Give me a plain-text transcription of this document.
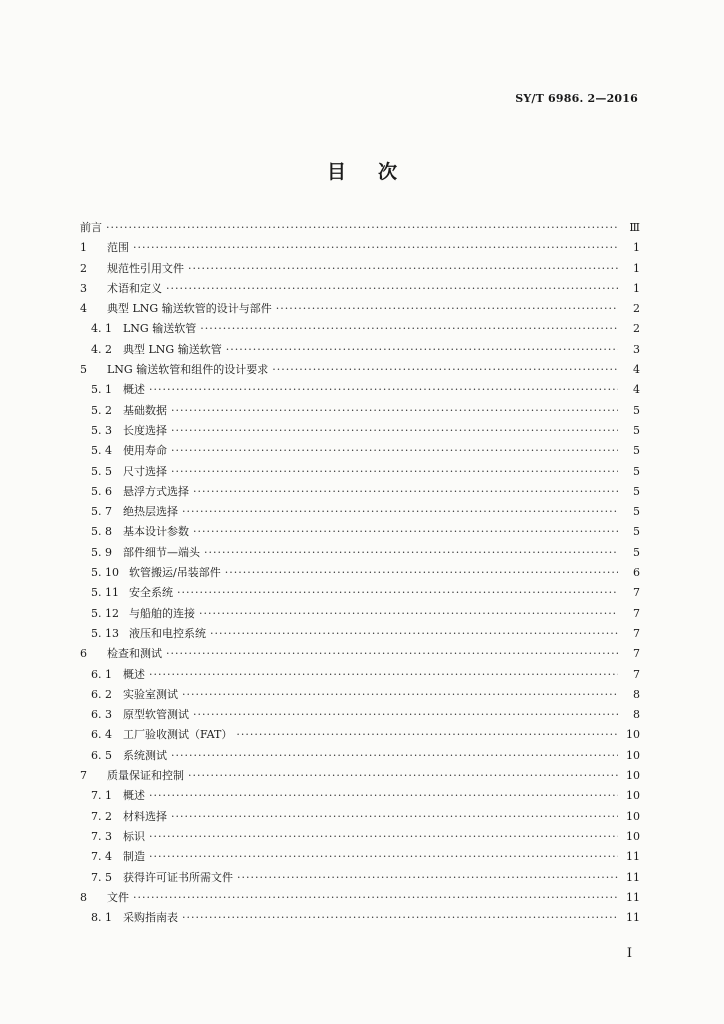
SY/T 6986. 2—2016
目 次
前言 ·····	Ⅲ
1	范围 ·····	1
2	规范性引用文件 ·····	1
3	术语和定义 ·····	1
4	典型 LNG 输送软管的设计与部件 ·····	2
4. 1	LNG 输送软管 ·····	2
4. 2	典型 LNG 输送软管 ·····	3
5	LNG 输送软管和组件的设计要求 ·····	4
5. 1	概述 ·····	4
5. 2	基础数据 ·····	5
5. 3	长度选择 ·····	5
5. 4	使用寿命 ·····	5
5. 5	尺寸选择 ·····	5
5. 6	悬浮方式选择 ·····	5
5. 7	绝热层选择 ·····	5
5. 8	基本设计参数 ·····	5
5. 9	部件细节—端头 ·····	5
5. 10 软管搬运/吊装部件 ·····	6
5. 11 安全系统 ·····	7
5. 12 与船舶的连接 ·····	7
5. 13 液压和电控系统 ·····	7
6	检查和测试 ·····	7
6. 1	概述 ·····	7
6. 2	实验室测试 ·····	8
6. 3	原型软管测试 ·····	8
6. 4	工厂验收测试（FAT） ·····	10
6. 5	系统测试 ·····	10
7	质量保证和控制 ·····	10
7. 1	概述 ·····	10
7. 2	材料选择 ·····	10
7. 3	标识 ·····	10
7. 4	制造 ·····	11
7. 5	获得许可证书所需文件 ·····	11
8	文件 ·····	11
8. 1	采购指南表 ·····	11
I
